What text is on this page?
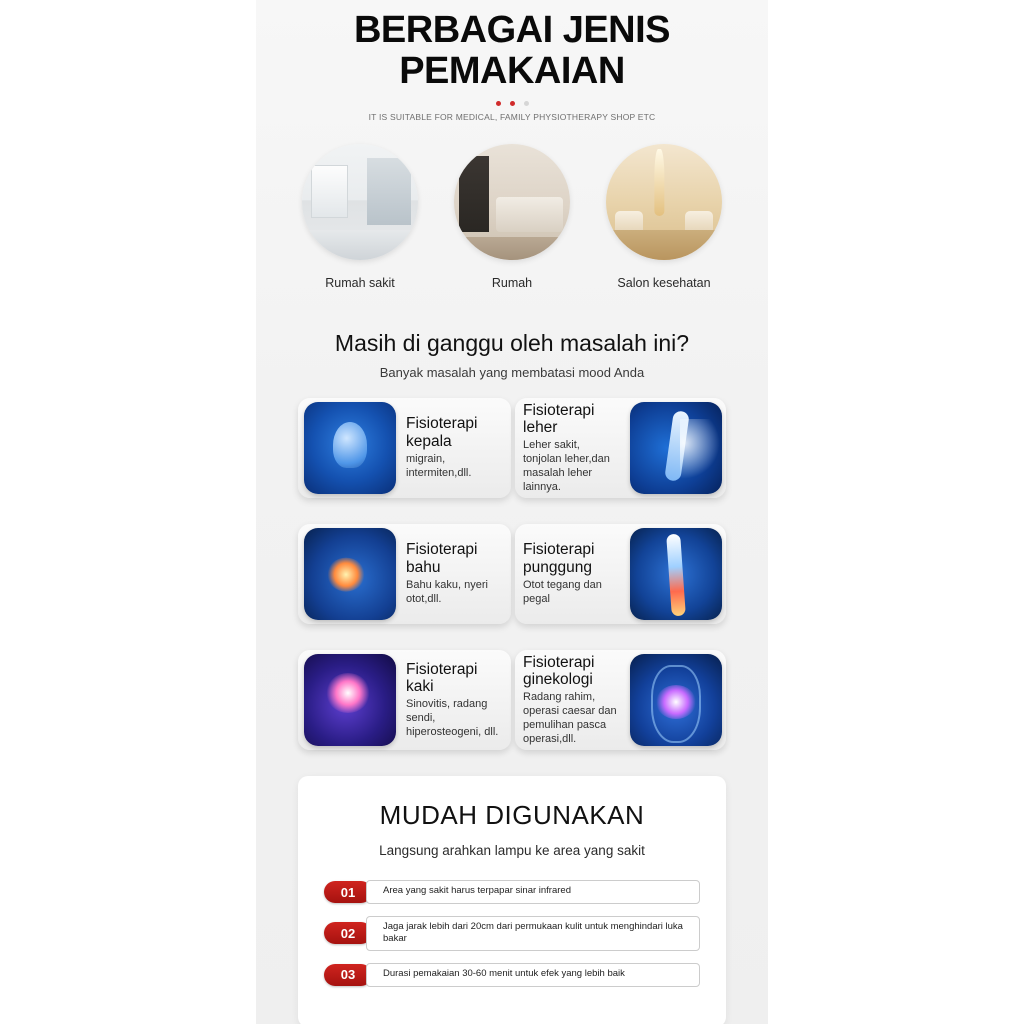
BERBAGAI JENIS
PEMAKAIAN
IT IS SUITABLE FOR MEDICAL, FAMILY PHYSIOTHERAPY SHOP ETC
Rumah sakit	Rumah	Salon kesehatan
Masih di ganggu oleh masalah ini?
Banyak masalah yang membatasi mood Anda
Fisioterapi kepala
migrain, intermiten,dll.
Fisioterapi leher
Leher sakit, tonjolan leher,dan masalah leher lainnya.
Fisioterapi bahu
Bahu kaku, nyeri otot,dll.
Fisioterapi punggung
Otot tegang dan pegal
Fisioterapi kaki
Sinovitis, radang sendi, hiperosteogeni, dll.
Fisioterapi ginekologi
Radang rahim, operasi caesar dan pemulihan pasca operasi,dll.
MUDAH DIGUNAKAN
Langsung arahkan lampu ke area yang sakit
01	Area yang sakit harus terpapar sinar infrared
02	Jaga jarak lebih dari 20cm dari permukaan kulit untuk menghindari luka bakar
03	Durasi pemakaian 30-60 menit untuk efek yang lebih baik
